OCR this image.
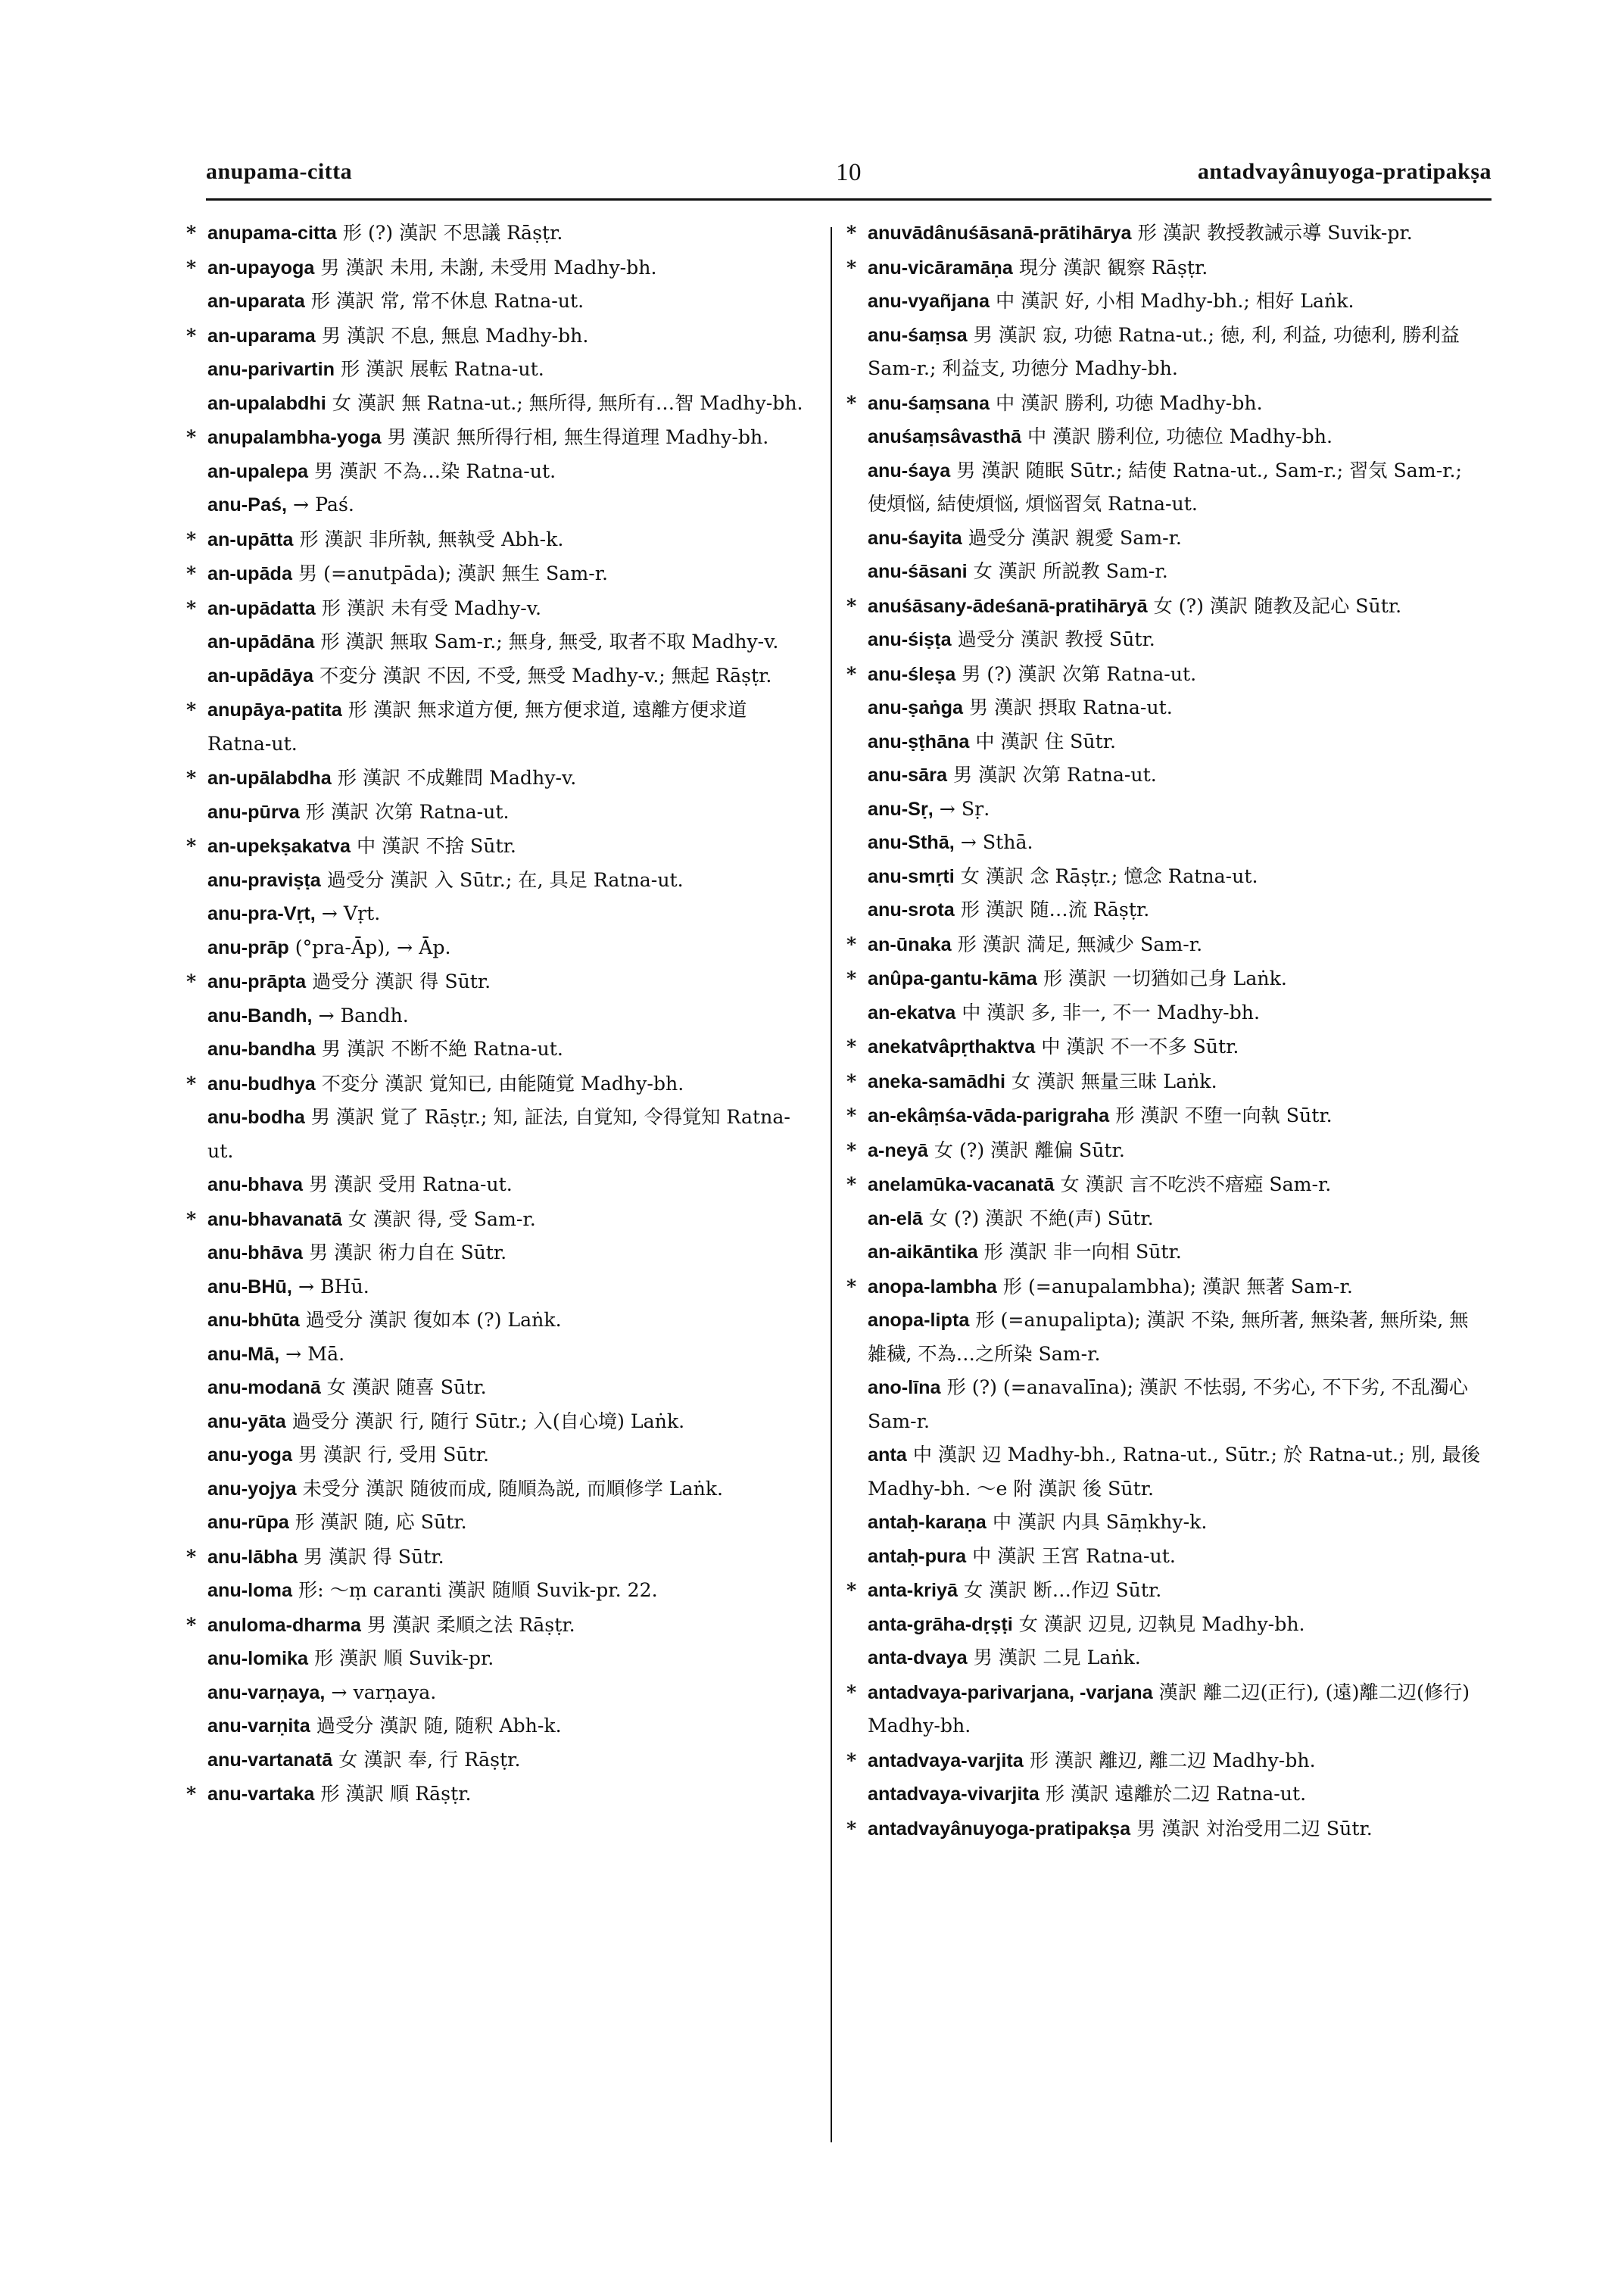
anupama-citta	10	antadvayânuyoga-pratipakṣa
* anupama-citta 形 (?) 漢訳 不思議 Rāṣṭr.
* an-upayoga 男 漢訳 未用, 未謝, 未受用 Madhy-bh.
an-uparata 形 漢訳 常, 常不休息 Ratna-ut.
* an-uparama 男 漢訳 不息, 無息 Madhy-bh.
anu-parivartin 形 漢訳 展転 Ratna-ut.
an-upalabdhi 女 漢訳 無 Ratna-ut.; 無所得, 無所有…智 Madhy-bh.
* anupalambha-yoga 男 漢訳 無所得行相, 無生得道理 Madhy-bh.
an-upalepa 男 漢訳 不為…染 Ratna-ut.
anu-Paś, → Paś.
* an-upātta 形 漢訳 非所執, 無執受 Abh-k.
* an-upāda 男 (=anutpāda); 漢訳 無生 Sam-r.
* an-upādatta 形 漢訳 未有受 Madhy-v.
an-upādāna 形 漢訳 無取 Sam-r.; 無身, 無受, 取者不取 Madhy-v.
an-upādāya 不変分 漢訳 不因, 不受, 無受 Madhy-v.; 無起 Rāṣṭr.
* anupāya-patita 形 漢訳 無求道方便, 無方便求道, 遠離方便求道 Ratna-ut.
* an-upālabdha 形 漢訳 不成難問 Madhy-v.
anu-pūrva 形 漢訳 次第 Ratna-ut.
* an-upekṣakatva 中 漢訳 不捨 Sūtr.
anu-praviṣṭa 過受分 漢訳 入 Sūtr.; 在, 具足 Ratna-ut.
anu-pra-Vṛt, → Vṛt.
anu-prāp (°pra-Āp), → Āp.
* anu-prāpta 過受分 漢訳 得 Sūtr.
anu-Bandh, → Bandh.
anu-bandha 男 漢訳 不断不絶 Ratna-ut.
* anu-budhya 不変分 漢訳 覚知已, 由能随覚 Madhy-bh.
anu-bodha 男 漢訳 覚了 Rāṣṭr.; 知, 証法, 自覚知, 令得覚知 Ratna-ut.
anu-bhava 男 漢訳 受用 Ratna-ut.
* anu-bhavanatā 女 漢訳 得, 受 Sam-r.
anu-bhāva 男 漢訳 術力自在 Sūtr.
anu-BHū, → BHū.
anu-bhūta 過受分 漢訳 復如本 (?) Laṅk.
anu-Mā, → Mā.
anu-modanā 女 漢訳 随喜 Sūtr.
anu-yāta 過受分 漢訳 行, 随行 Sūtr.; 入(自心境) Laṅk.
anu-yoga 男 漢訳 行, 受用 Sūtr.
anu-yojya 未受分 漢訳 随彼而成, 随順為説, 而順修学 Laṅk.
anu-rūpa 形 漢訳 随, 応 Sūtr.
* anu-lābha 男 漢訳 得 Sūtr.
anu-loma 形: ～ṃ caranti 漢訳 随順 Suvik-pr. 22.
* anuloma-dharma 男 漢訳 柔順之法 Rāṣṭr.
anu-lomika 形 漢訳 順 Suvik-pr.
anu-varṇaya, → varṇaya.
anu-varṇita 過受分 漢訳 随, 随釈 Abh-k.
anu-vartanatā 女 漢訳 奉, 行 Rāṣṭr.
* anu-vartaka 形 漢訳 順 Rāṣṭr.
* anuvādânuśāsanā-prātihārya 形 漢訳 教授教誡示導 Suvik-pr.
* anu-vicāramāṇa 現分 漢訳 観察 Rāṣṭr.
anu-vyañjana 中 漢訳 好, 小相 Madhy-bh.; 相好 Laṅk.
anu-śaṃsa 男 漢訳 寂, 功徳 Ratna-ut.; 徳, 利, 利益, 功徳利, 勝利益 Sam-r.; 利益支, 功徳分 Madhy-bh.
* anu-śaṃsana 中 漢訳 勝利, 功徳 Madhy-bh.
anuśaṃsâvasthā 中 漢訳 勝利位, 功徳位 Madhy-bh.
anu-śaya 男 漢訳 随眠 Sūtr.; 結使 Ratna-ut., Sam-r.; 習気 Sam-r.; 使煩悩, 結使煩悩, 煩悩習気 Ratna-ut.
anu-śayita 過受分 漢訳 親愛 Sam-r.
anu-śāsani 女 漢訳 所説教 Sam-r.
* anuśāsany-ādeśanā-pratihāryā 女 (?) 漢訳 随教及記心 Sūtr.
anu-śiṣṭa 過受分 漢訳 教授 Sūtr.
* anu-śleṣa 男 (?) 漢訳 次第 Ratna-ut.
anu-ṣaṅga 男 漢訳 摂取 Ratna-ut.
anu-ṣṭhāna 中 漢訳 住 Sūtr.
anu-sāra 男 漢訳 次第 Ratna-ut.
anu-Sṛ, → Sṛ.
anu-Sthā, → Sthā.
anu-smṛti 女 漢訳 念 Rāṣṭr.; 憶念 Ratna-ut.
anu-srota 形 漢訳 随…流 Rāṣṭr.
* an-ūnaka 形 漢訳 満足, 無減少 Sam-r.
* anûpa-gantu-kāma 形 漢訳 一切猶如己身 Laṅk.
an-ekatva 中 漢訳 多, 非一, 不一 Madhy-bh.
* anekatvâpṛthaktva 中 漢訳 不一不多 Sūtr.
* aneka-samādhi 女 漢訳 無量三昧 Laṅk.
* an-ekâṃśa-vāda-parigraha 形 漢訳 不堕一向執 Sūtr.
* a-neyā 女 (?) 漢訳 離偏 Sūtr.
* anelamūka-vacanatā 女 漢訳 言不吃渋不瘖瘂 Sam-r.
an-elā 女 (?) 漢訳 不絶(声) Sūtr.
an-aikāntika 形 漢訳 非一向相 Sūtr.
* anopa-lambha 形 (=anupalambha); 漢訳 無著 Sam-r.
anopa-lipta 形 (=anupalipta); 漢訳 不染, 無所著, 無染著, 無所染, 無雑穢, 不為…之所染 Sam-r.
ano-līna 形 (?) (=anavalīna); 漢訳 不怯弱, 不劣心, 不下劣, 不乱濁心 Sam-r.
anta 中 漢訳 辺 Madhy-bh., Ratna-ut., Sūtr.; 於 Ratna-ut.; 別, 最後 Madhy-bh. ～e 附 漢訳 後 Sūtr.
antaḥ-karaṇa 中 漢訳 内具 Sāṃkhy-k.
antaḥ-pura 中 漢訳 王宮 Ratna-ut.
* anta-kriyā 女 漢訳 断…作辺 Sūtr.
anta-grāha-dṛṣṭi 女 漢訳 辺見, 辺執見 Madhy-bh.
anta-dvaya 男 漢訳 二見 Laṅk.
* antadvaya-parivarjana, -varjana 漢訳 離二辺(正行), (遠)離二辺(修行) Madhy-bh.
* antadvaya-varjita 形 漢訳 離辺, 離二辺 Madhy-bh.
antadvaya-vivarjita 形 漢訳 遠離於二辺 Ratna-ut.
* antadvayânuyoga-pratipakṣa 男 漢訳 対治受用二辺 Sūtr.
